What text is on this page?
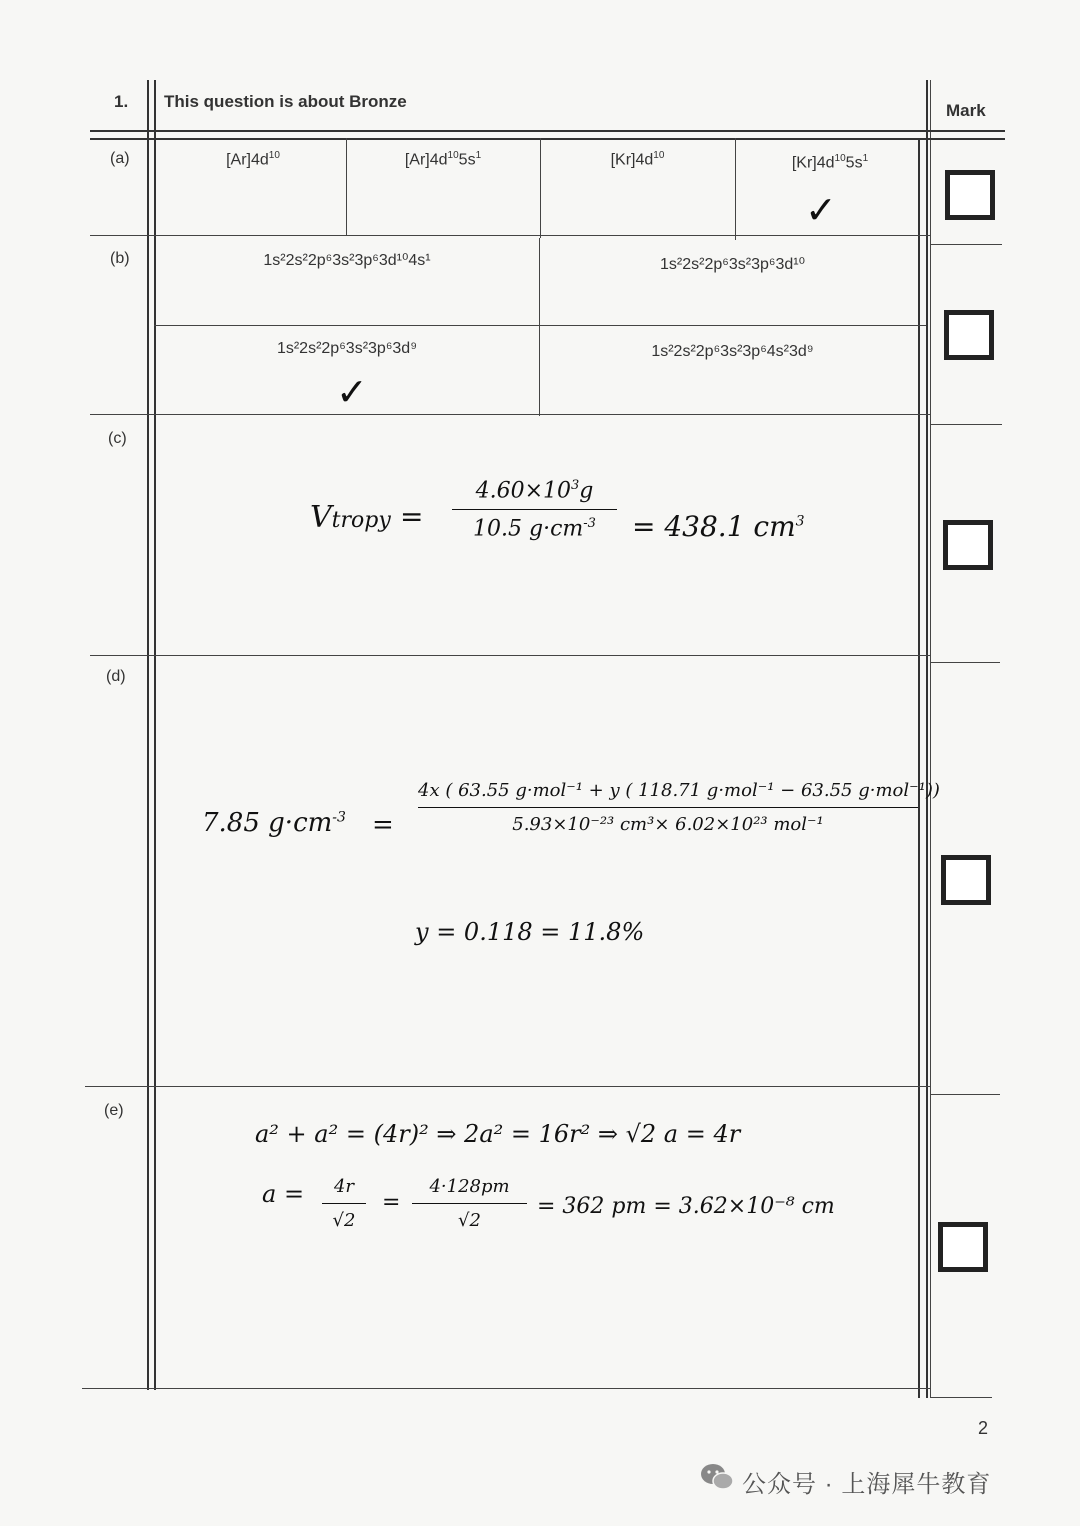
1. This question is about Bronze	Mark
(a)	$[Ar]4d^{10}$	$[Ar]4d^{10}5s^1$	$[Kr]4d^{10}$	$[Kr]4d^{10}5s^1$
✓
(b)	1s²2s²2p⁶3s²3p⁶3d¹⁰4s¹	1s²2s²2p⁶3s²3p⁶3d¹⁰
1s²2s²2p⁶3s²3p⁶3d⁹	1s²2s²2p⁶3s²3p⁶4s²3d⁹
✓
(c)
Vtropy = $\frac{4.60\times 10^3g}{10.5 g\cdot cm^{-3}} = 438.1$ $cm^3$
(d)
7.85 $g\cdot cm^{-3}$ =
4x ( 63.55 g·mol⁻¹ + y ( 118.71 g·mol⁻¹ − 63.55 g·mol⁻¹))
5.93×10⁻²³ cm³× 6.02×10²³ mol⁻¹
y = 0.118 = 11.8%
(e)
a² + a² = (4r)² ⇒ 2a² = 16r² ⇒ √2 a = 4r
$a = \frac{4r}{√2} = \frac{4\cdot 128pm}{√2} = 362$ pm = 3.62×10⁻⁸ cm
2
公众号 · 上海犀牛教育
